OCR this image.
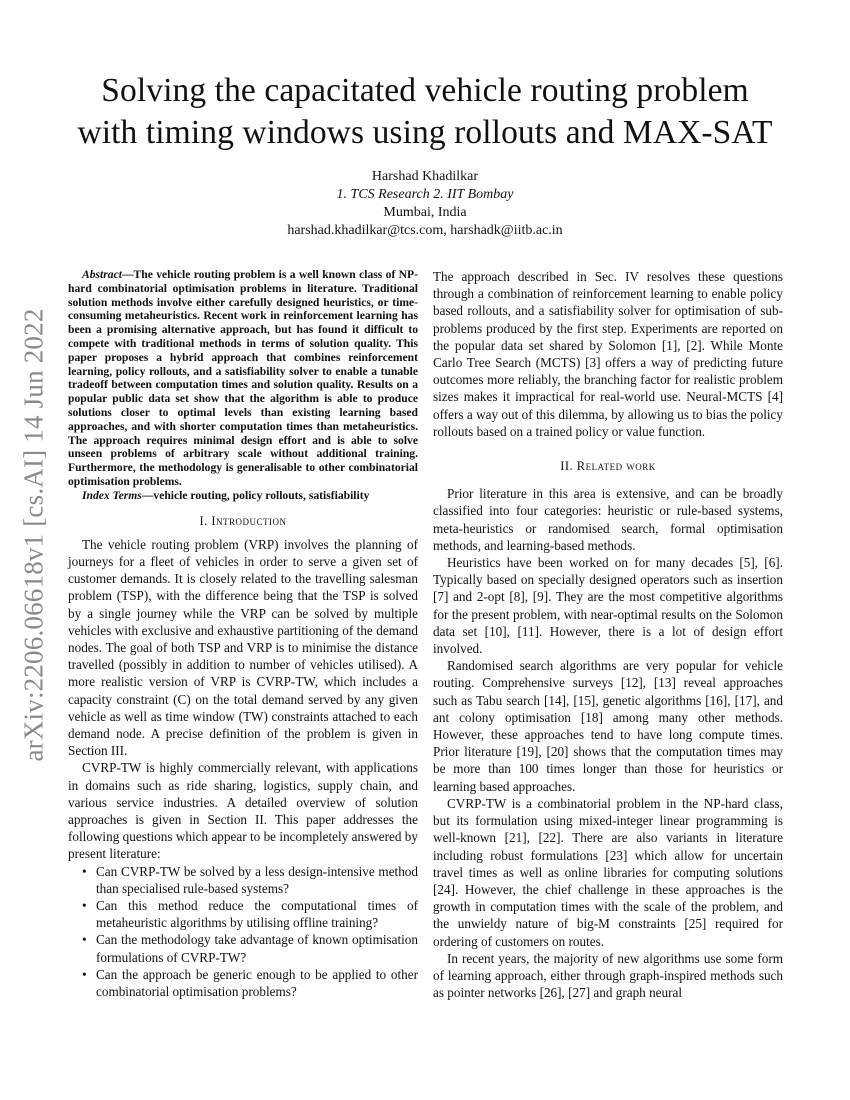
Solving the capacitated vehicle routing problem
with timing windows using rollouts and MAX-SAT
Harshad Khadilkar
1. TCS Research 2. IIT Bombay
Mumbai, India
harshad.khadilkar@tcs.com, harshadk@iitb.ac.in
arXiv:2206.06618v1 [cs.AI] 14 Jun 2022

Abstract—The vehicle routing problem is a well known class of NP-hard combinatorial optimisation problems in literature. Traditional solution methods involve either carefully designed heuristics, or time-consuming metaheuristics. Recent work in reinforcement learning has been a promising alternative approach, but has found it difficult to compete with traditional methods in terms of solution quality. This paper proposes a hybrid approach that combines reinforcement learning, policy rollouts, and a satisfiability solver to enable a tunable tradeoff between computation times and solution quality. Results on a popular public data set show that the algorithm is able to produce solutions closer to optimal levels than existing learning based approaches, and with shorter computation times than metaheuristics. The approach requires minimal design effort and is able to solve unseen problems of arbitrary scale without additional training. Furthermore, the methodology is generalisable to other combinatorial optimisation problems.

Index Terms—vehicle routing, policy rollouts, satisfiability

I. Introduction

The vehicle routing problem (VRP) involves the planning of journeys for a fleet of vehicles in order to serve a given set of customer demands. It is closely related to the travelling salesman problem (TSP), with the difference being that the TSP is solved by a single journey while the VRP can be solved by multiple vehicles with exclusive and exhaustive partitioning of the demand nodes. The goal of both TSP and VRP is to minimise the distance travelled (possibly in addition to number of vehicles utilised). A more realistic version of VRP is CVRP-TW, which includes a capacity constraint (C) on the total demand served by any given vehicle as well as time window (TW) constraints attached to each demand node. A precise definition of the problem is given in Section III.

CVRP-TW is highly commercially relevant, with applications in domains such as ride sharing, logistics, supply chain, and various service industries. A detailed overview of solution approaches is given in Section II. This paper addresses the following questions which appear to be incompletely answered by present literature:

• Can CVRP-TW be solved by a less design-intensive method than specialised rule-based systems?
• Can this method reduce the computational times of metaheuristic algorithms by utilising offline training?
• Can the methodology take advantage of known optimisation formulations of CVRP-TW?
• Can the approach be generic enough to be applied to other combinatorial optimisation problems?

The approach described in Sec. IV resolves these questions through a combination of reinforcement learning to enable policy based rollouts, and a satisfiability solver for optimisation of sub-problems produced by the first step. Experiments are reported on the popular data set shared by Solomon [1], [2]. While Monte Carlo Tree Search (MCTS) [3] offers a way of predicting future outcomes more reliably, the branching factor for realistic problem sizes makes it impractical for real-world use. Neural-MCTS [4] offers a way out of this dilemma, by allowing us to bias the policy rollouts based on a trained policy or value function.

II. Related work

Prior literature in this area is extensive, and can be broadly classified into four categories: heuristic or rule-based systems, meta-heuristics or randomised search, formal optimisation methods, and learning-based methods.

Heuristics have been worked on for many decades [5], [6]. Typically based on specially designed operators such as insertion [7] and 2-opt [8], [9]. They are the most competitive algorithms for the present problem, with near-optimal results on the Solomon data set [10], [11]. However, there is a lot of design effort involved.

Randomised search algorithms are very popular for vehicle routing. Comprehensive surveys [12], [13] reveal approaches such as Tabu search [14], [15], genetic algorithms [16], [17], and ant colony optimisation [18] among many other methods. However, these approaches tend to have long compute times. Prior literature [19], [20] shows that the computation times may be more than 100 times longer than those for heuristics or learning based approaches.

CVRP-TW is a combinatorial problem in the NP-hard class, but its formulation using mixed-integer linear programming is well-known [21], [22]. There are also variants in literature including robust formulations [23] which allow for uncertain travel times as well as online libraries for computing solutions [24]. However, the chief challenge in these approaches is the growth in computation times with the scale of the problem, and the unwieldy nature of big-M constraints [25] required for ordering of customers on routes.

In recent years, the majority of new algorithms use some form of learning approach, either through graph-inspired methods such as pointer networks [26], [27] and graph neural
